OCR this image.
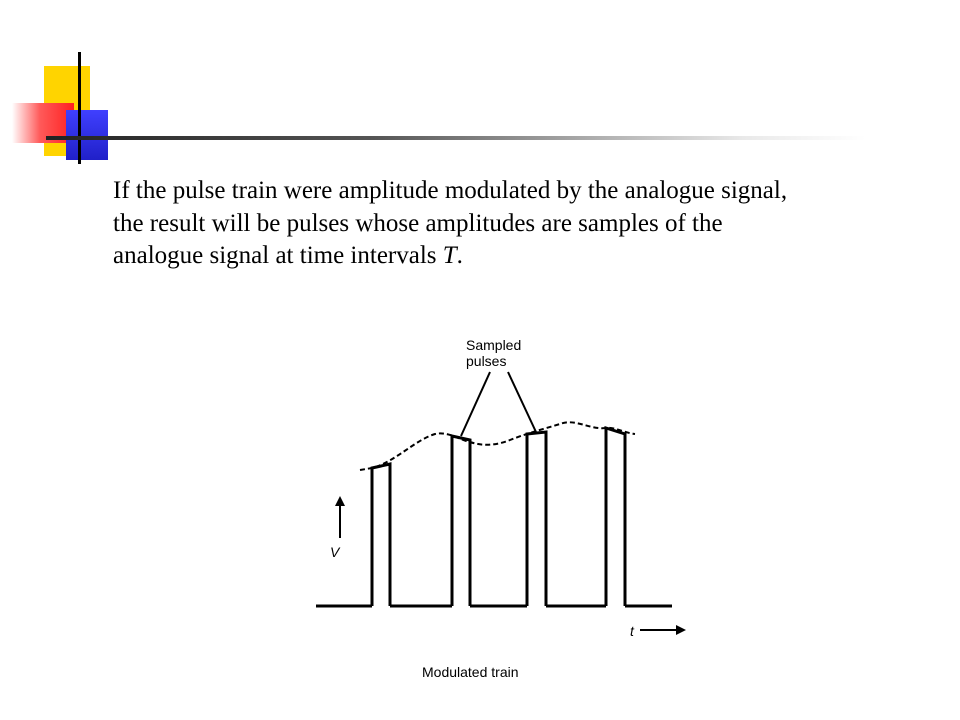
If the pulse train were amplitude modulated by the analogue signal, the result will be pulses whose amplitudes are samples of the analogue signal at time intervals T.

Sampled
pulses
V
t
Modulated train
